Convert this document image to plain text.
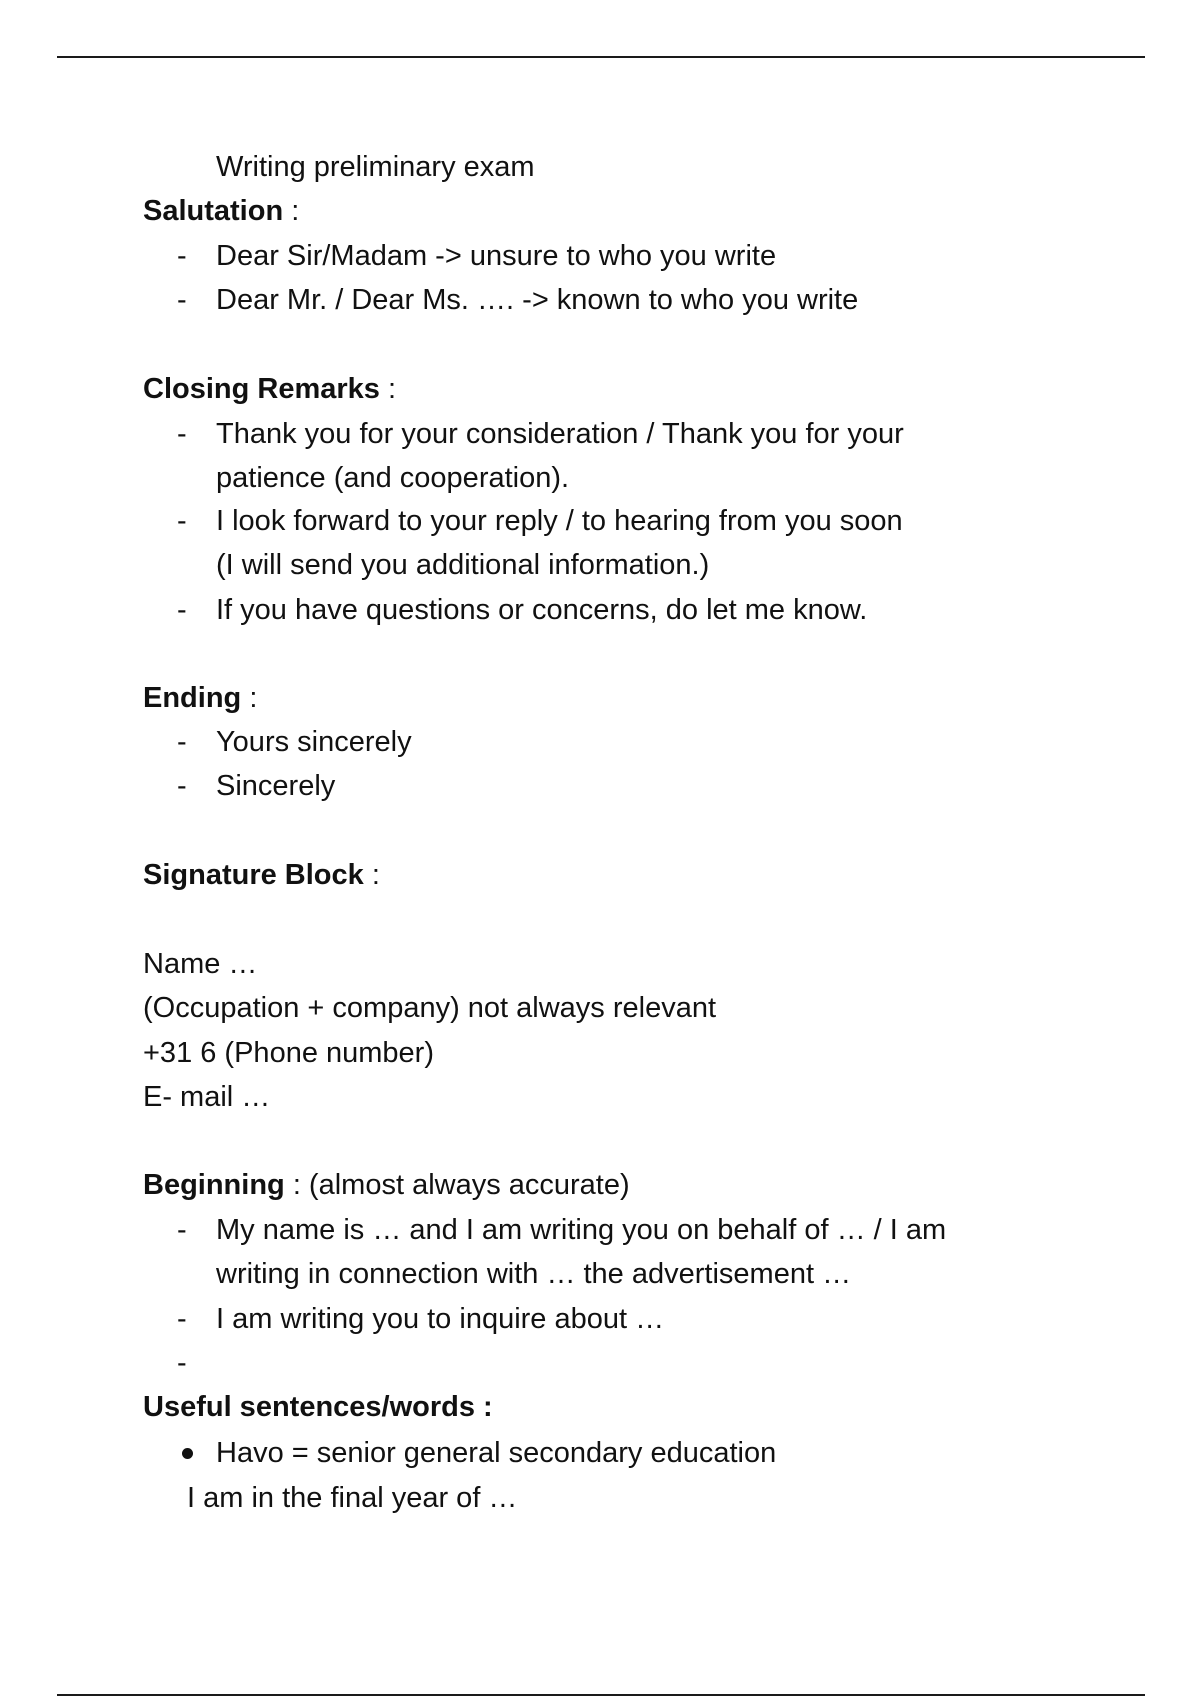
Writing preliminary exam
Salutation :
- Dear Sir/Madam -> unsure to who you write
- Dear Mr. / Dear Ms. …. -> known to who you write
Closing Remarks :
- Thank you for your consideration / Thank you for your
patience (and cooperation).
- I look forward to your reply / to hearing from you soon
(I will send you additional information.)
- If you have questions or concerns, do let me know.
Ending :
- Yours sincerely
- Sincerely
Signature Block :
Name …
(Occupation + company) not always relevant
+31 6 (Phone number)
E- mail …
Beginning : (almost always accurate)
- My name is … and I am writing you on behalf of … / I am
writing in connection with … the advertisement …
- I am writing you to inquire about …
-
Useful sentences/words :
Havo = senior general secondary education
I am in the final year of …
